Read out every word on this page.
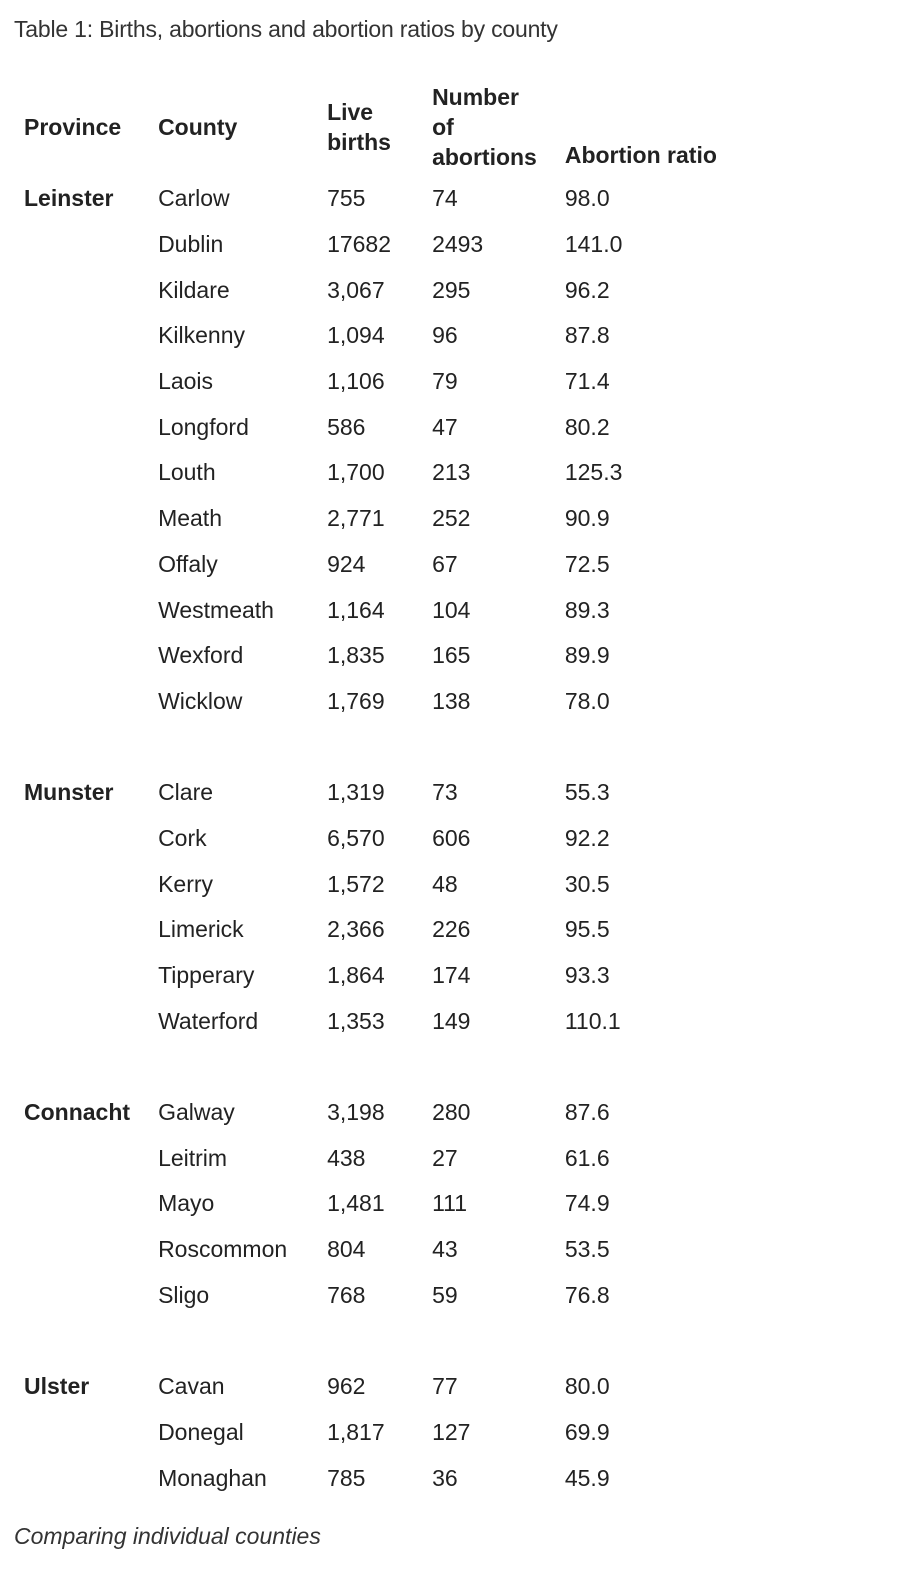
Table 1: Births, abortions and abortion ratios by county
Province	County	Live births	Number of abortions	Abortion ratio
Leinster	Carlow	755	74	98.0
	Dublin	17682	2493	141.0
	Kildare	3,067	295	96.2
	Kilkenny	1,094	96	87.8
	Laois	1,106	79	71.4
	Longford	586	47	80.2
	Louth	1,700	213	125.3
	Meath	2,771	252	90.9
	Offaly	924	67	72.5
	Westmeath	1,164	104	89.3
	Wexford	1,835	165	89.9
	Wicklow	1,769	138	78.0

Munster	Clare	1,319	73	55.3
	Cork	6,570	606	92.2
	Kerry	1,572	48	30.5
	Limerick	2,366	226	95.5
	Tipperary	1,864	174	93.3
	Waterford	1,353	149	110.1

Connacht	Galway	3,198	280	87.6
	Leitrim	438	27	61.6
	Mayo	1,481	111	74.9
	Roscommon	804	43	53.5
	Sligo	768	59	76.8

Ulster	Cavan	962	77	80.0
	Donegal	1,817	127	69.9
	Monaghan	785	36	45.9
Comparing individual counties
